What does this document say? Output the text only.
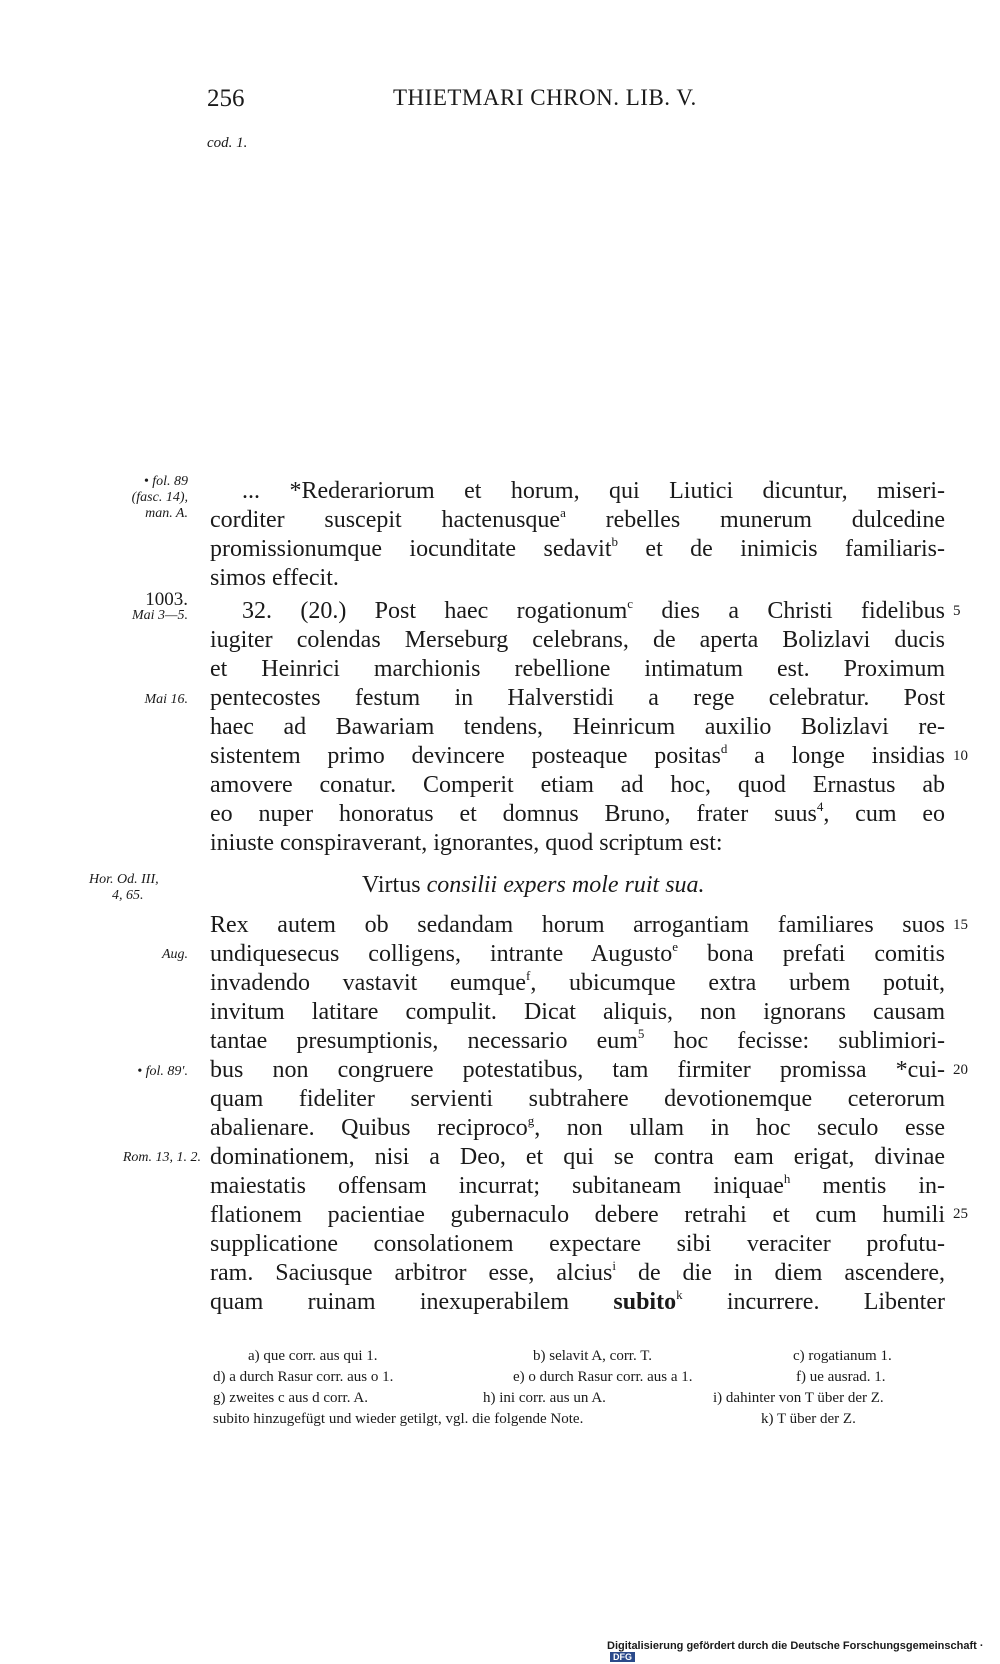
256	THIETMARI CHRON. LIB. V.
cod. 1.
• fol. 89
(fasc. 14),
man. A.
1003.
Mai 3—5.
Mai 16.
Hor. Od. III,
4, 65.
Aug.
• fol. 89′.
Rom. 13, 1. 2.
5
10
15
20
25
... *Rederariorum et horum, qui Liutici dicuntur, miseri-
corditer suscepit hactenusque$^a$ rebelles munerum dulcedine
promissionumque iocunditate sedavit$^b$ et de inimicis familiaris-
simos effecit.
32. (20.) Post haec rogationum$^c$ dies a Christi fidelibus
iugiter colendas Merseburg celebrans, de aperta Bolizlavi ducis
et Heinrici marchionis rebellione intimatum est. Proximum
pentecostes festum in Halverstidi a rege celebratur. Post
haec ad Bawariam tendens, Heinricum auxilio Bolizlavi re-
sistentem primo devincere posteaque positas$^d$ a longe insidias
amovere conatur. Comperit etiam ad hoc, quod Ernastus ab
eo nuper honoratus et domnus Bruno, frater suus$^4$, cum eo
iniuste conspiraverant, ignorantes, quod scriptum est:
Virtus consilii expers mole ruit sua.
Rex autem ob sedandam horum arrogantiam familiares suos
undiquesecus colligens, intrante Augusto$^e$ bona prefati comitis
invadendo vastavit eumque$^f$, ubicumque extra urbem potuit,
invitum latitare compulit. Dicat aliquis, non ignorans causam
tantae presumptionis, necessario eum$^5$ hoc fecisse: sublimiori-
bus non congruere potestatibus, tam firmiter promissa *cui-
quam fideliter servienti subtrahere devotionemque ceterorum
abalienare. Quibus reciproco$^g$, non ullam in hoc seculo esse
dominationem, nisi a Deo, et qui se contra eam erigat, divinae
maiestatis offensam incurrat; subitaneam iniquae$^h$ mentis in-
flationem pacientiae gubernaculo debere retrahi et cum humili
supplicatione consolationem expectare sibi veraciter profutu-
ram. Saciusque arbitror esse, alcius$^i$ de die in diem ascendere,
quam ruinam inexuperabilem subito$^k$ incurrere. Libenter
a) que corr. aus qui 1.	b) selavit A, corr. T.	c) rogatianum 1.
d) a durch Rasur corr. aus o 1.	e) o durch Rasur corr. aus a 1.	f) ue ausrad. 1.
g) zweites c aus d corr. A.	h) ini corr. aus un A.	i) dahinter von T über der Z.
subito hinzugefügt und wieder getilgt, vgl. die folgende Note.	k) T über der Z.
Digitalisierung gefördert durch die Deutsche Forschungsgemeinschaft ·DFG
